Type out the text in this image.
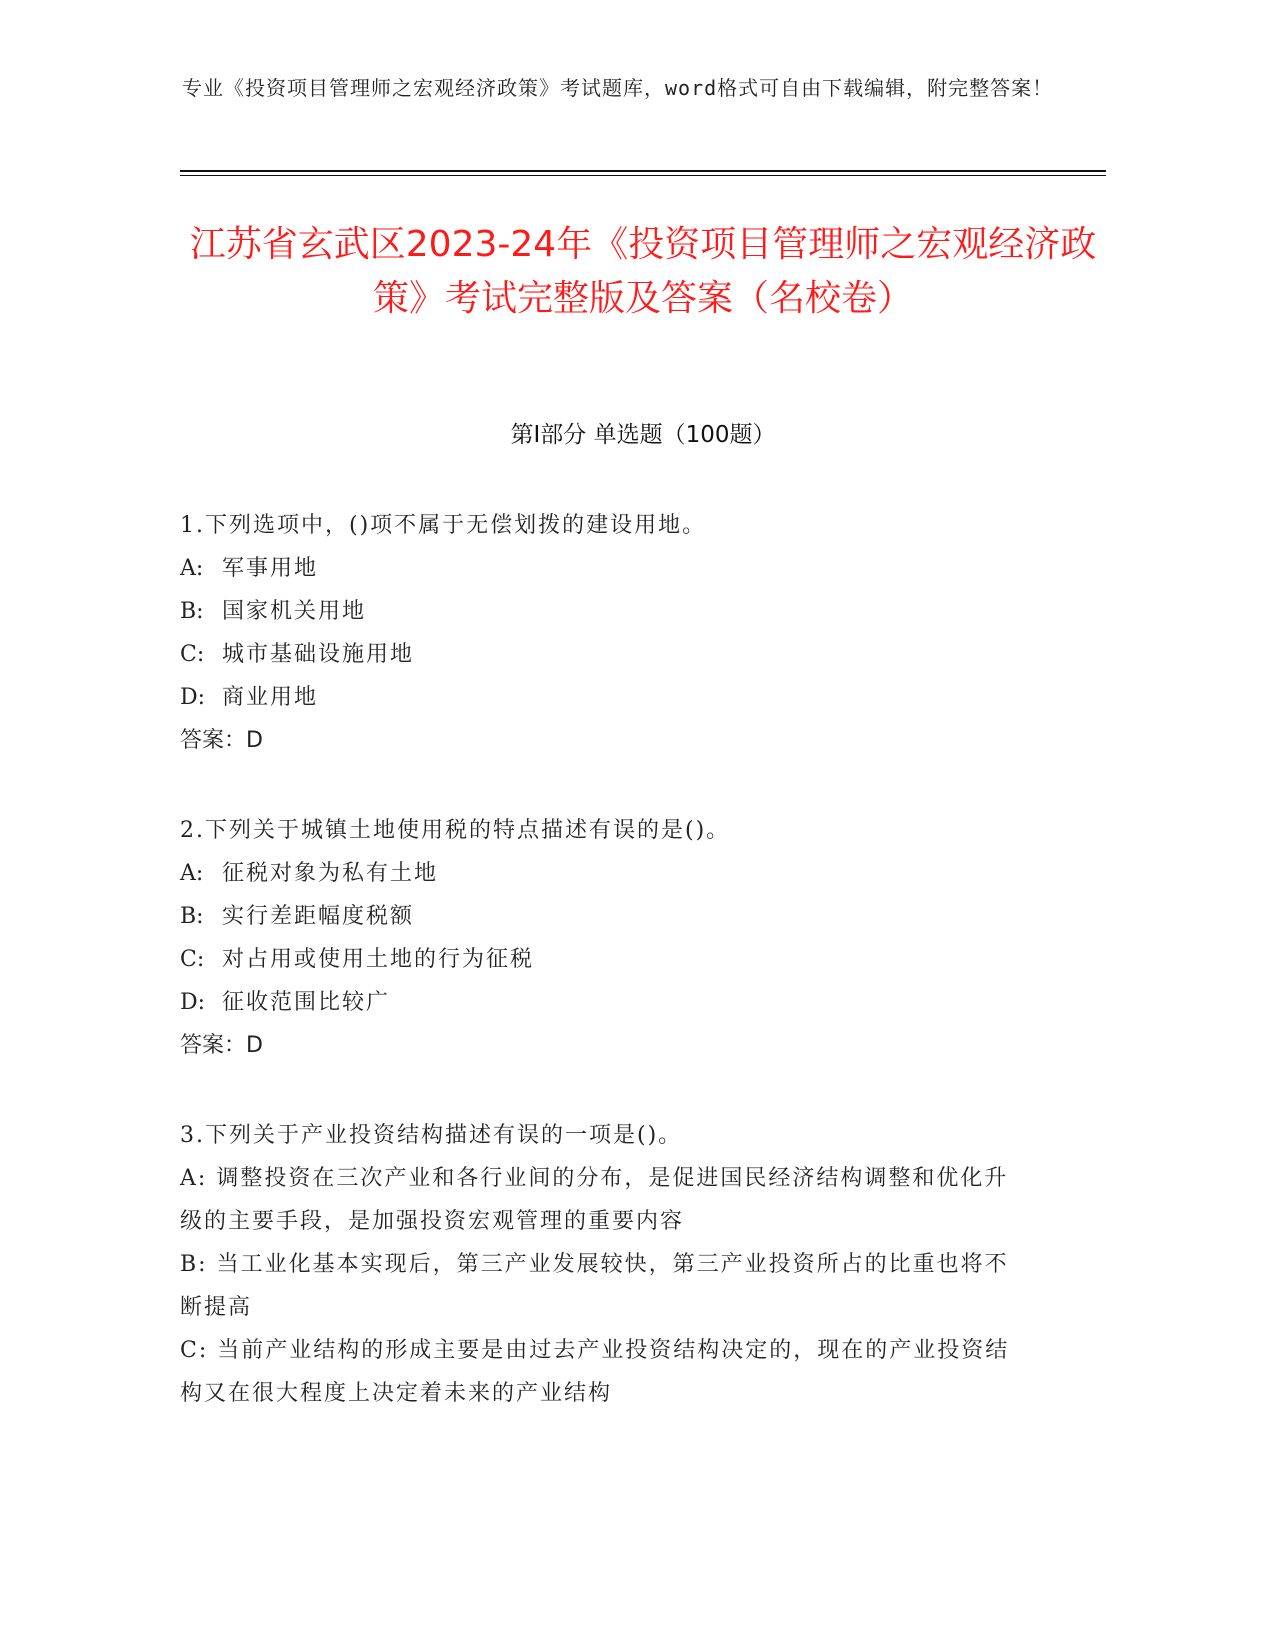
专业《投资项目管理师之宏观经济政策》考试题库，word格式可自由下载编辑，附完整答案！
江苏省玄武区2023-24年《投资项目管理师之宏观经济政策》考试完整版及答案（名校卷）
第I部分 单选题（100题）
1.下列选项中，()项不属于无偿划拨的建设用地。
A: 军事用地
B: 国家机关用地
C: 城市基础设施用地
D: 商业用地
答案：D
2.下列关于城镇土地使用税的特点描述有误的是()。
A: 征税对象为私有土地
B: 实行差距幅度税额
C: 对占用或使用土地的行为征税
D: 征收范围比较广
答案：D
3.下列关于产业投资结构描述有误的一项是()。
A: 调整投资在三次产业和各行业间的分布，是促进国民经济结构调整和优化升级的主要手段，是加强投资宏观管理的重要内容
B: 当工业化基本实现后，第三产业发展较快，第三产业投资所占的比重也将不断提高
C: 当前产业结构的形成主要是由过去产业投资结构决定的，现在的产业投资结构又在很大程度上决定着未来的产业结构
